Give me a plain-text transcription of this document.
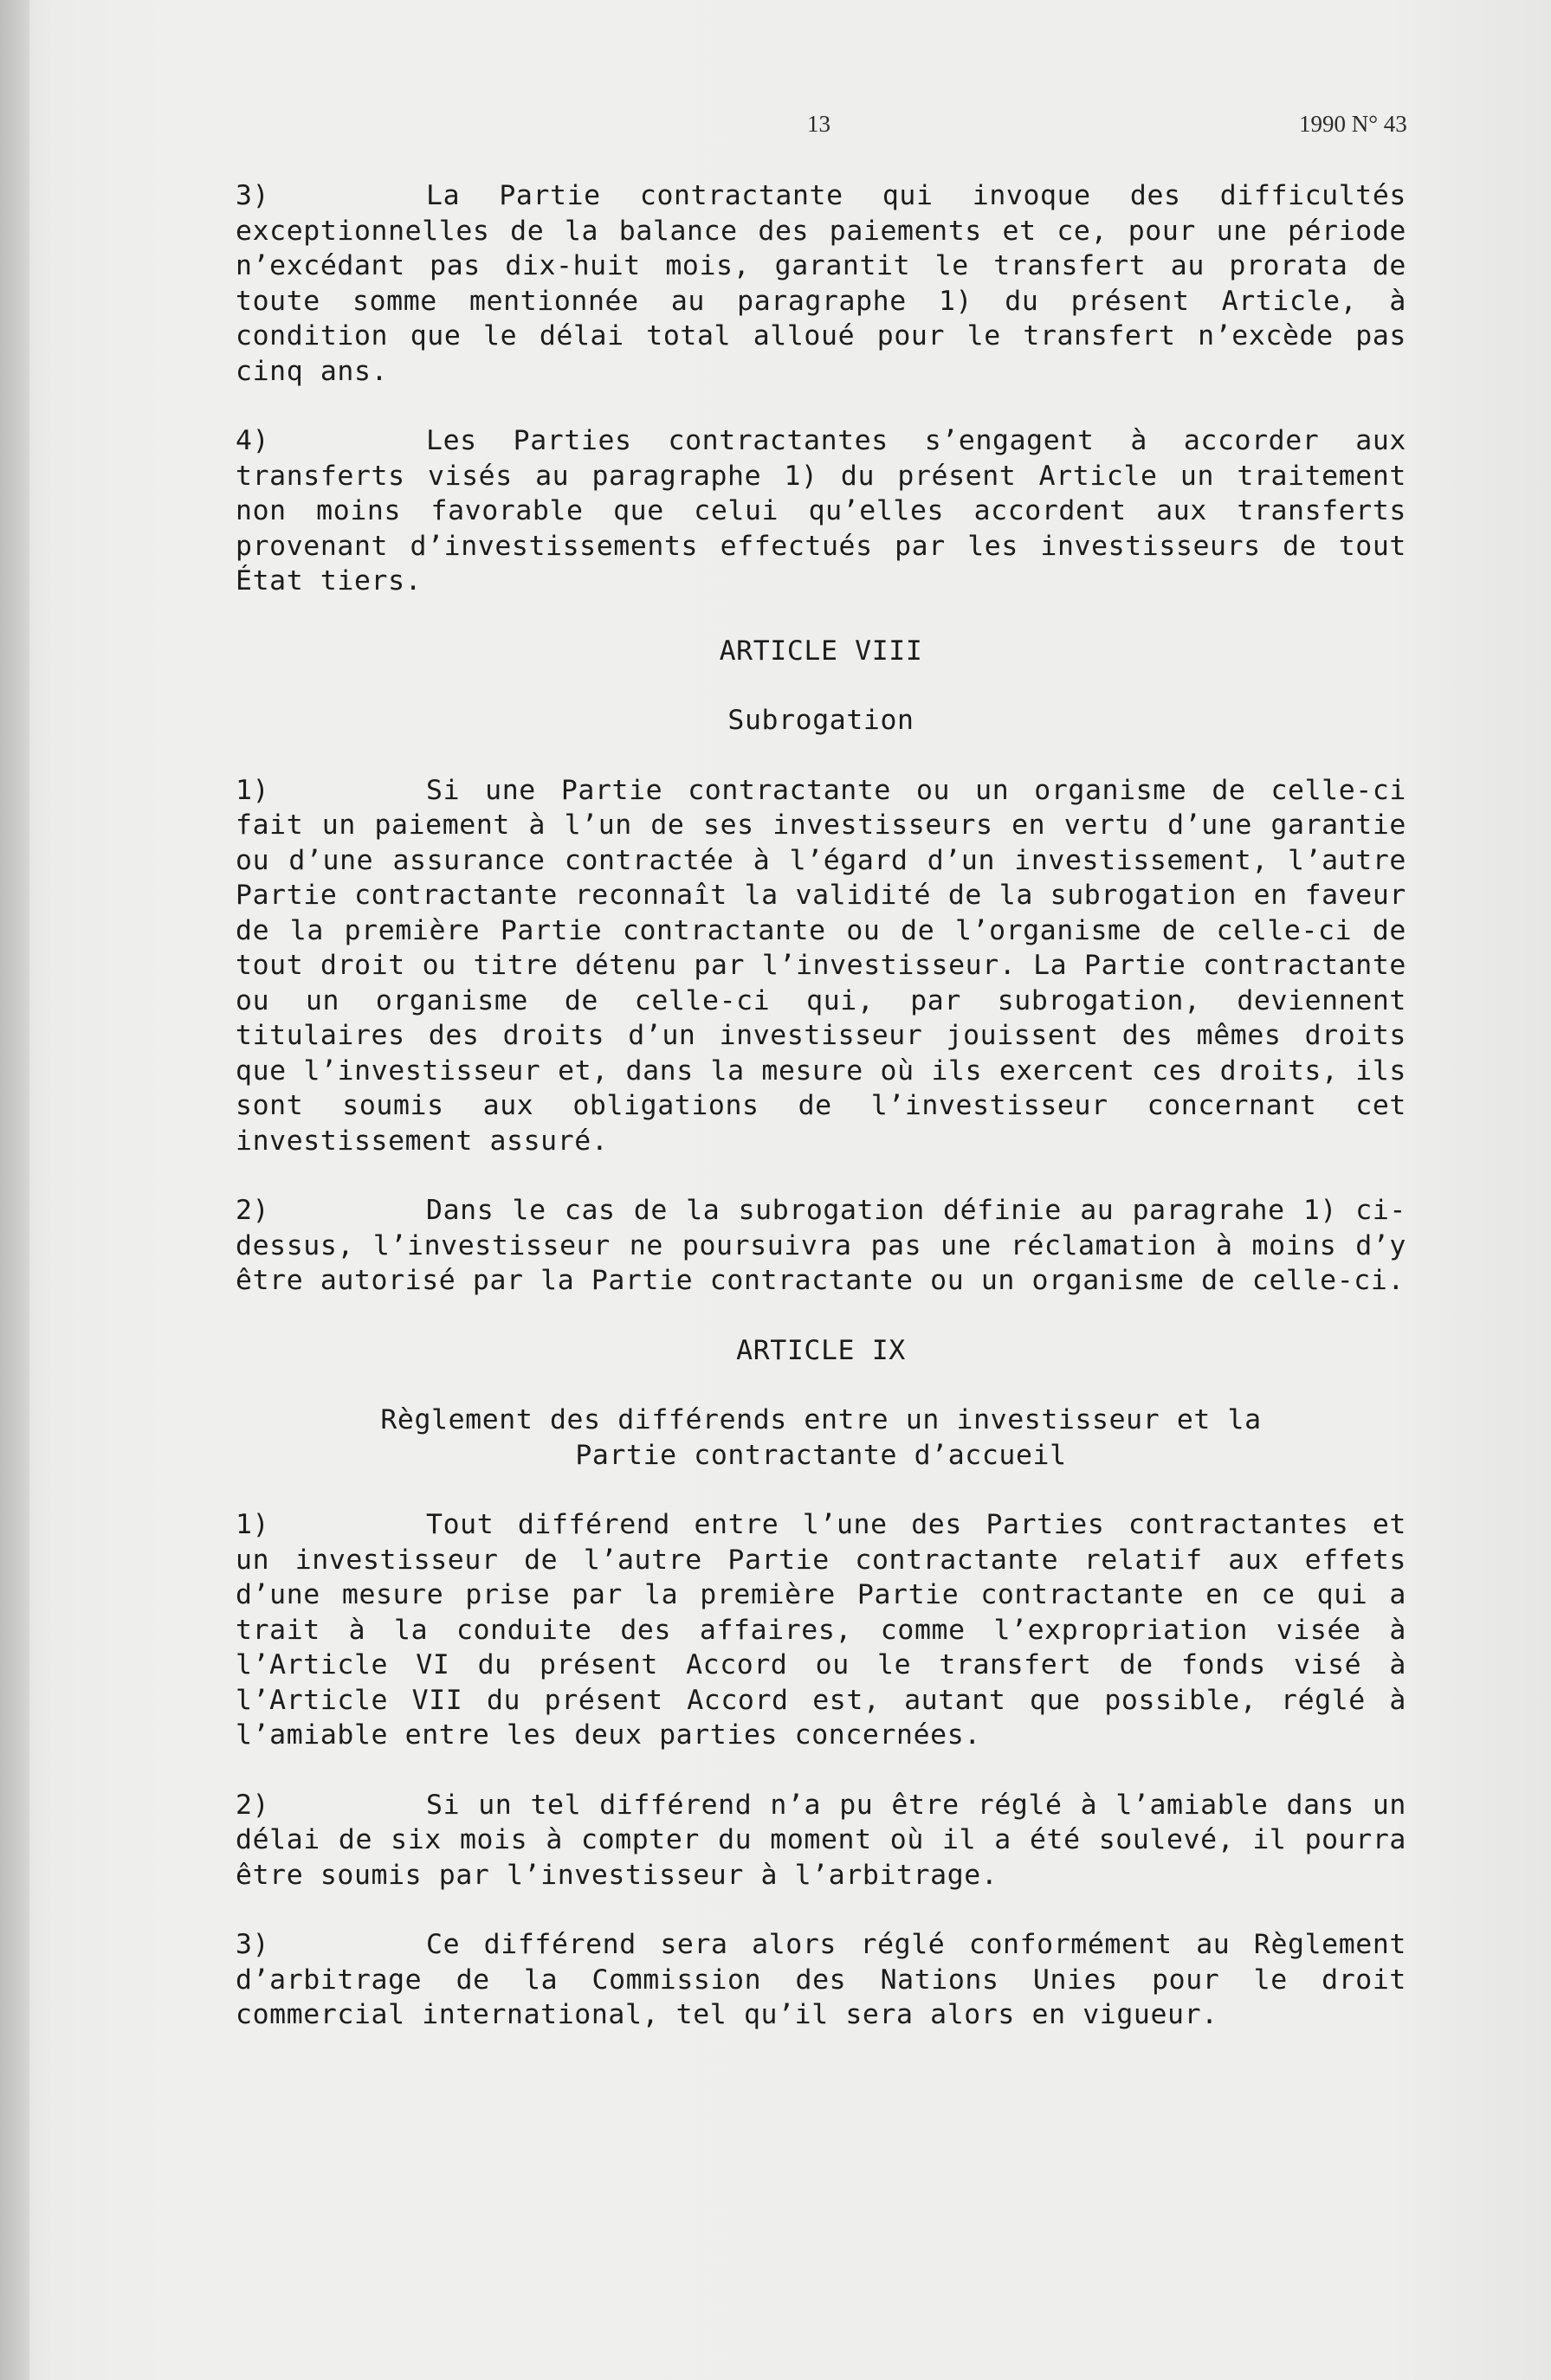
13	1990 N° 43

3)	La Partie contractante qui invoque des difficultés exceptionnelles de la balance des paiements et ce, pour une période n’excédant pas dix-huit mois, garantit le transfert au prorata de toute somme mentionnée au paragraphe 1) du présent Article, à condition que le délai total alloué pour le transfert n’excède pas cinq ans.

4)	Les Parties contractantes s’engagent à accorder aux transferts visés au paragraphe 1) du présent Article un traitement non moins favorable que celui qu’elles accordent aux transferts provenant d’investissements effectués par les investisseurs de tout État tiers.

ARTICLE VIII
Subrogation

1)	Si une Partie contractante ou un organisme de celle-ci fait un paiement à l’un de ses investisseurs en vertu d’une garantie ou d’une assurance contractée à l’égard d’un investissement, l’autre Partie contractante reconnaît la validité de la subrogation en faveur de la première Partie contractante ou de l’organisme de celle-ci de tout droit ou titre détenu par l’investisseur. La Partie contractante ou un organisme de celle-ci qui, par subrogation, deviennent titulaires des droits d’un investisseur jouissent des mêmes droits que l’investisseur et, dans la mesure où ils exercent ces droits, ils sont soumis aux obligations de l’investisseur concernant cet investissement assuré.

2)	Dans le cas de la subrogation définie au paragrahe 1) ci-dessus, l’investisseur ne poursuivra pas une réclamation à moins d’y être autorisé par la Partie contractante ou un organisme de celle-ci.

ARTICLE IX
Règlement des différends entre un investisseur et la
Partie contractante d’accueil

1)	Tout différend entre l’une des Parties contractantes et un investisseur de l’autre Partie contractante relatif aux effets d’une mesure prise par la première Partie contractante en ce qui a trait à la conduite des affaires, comme l’expropriation visée à l’Article VI du présent Accord ou le transfert de fonds visé à l’Article VII du présent Accord est, autant que possible, réglé à l’amiable entre les deux parties concernées.

2)	Si un tel différend n’a pu être réglé à l’amiable dans un délai de six mois à compter du moment où il a été soulevé, il pourra être soumis par l’investisseur à l’arbitrage.

3)	Ce différend sera alors réglé conformément au Règlement d’arbitrage de la Commission des Nations Unies pour le droit commercial international, tel qu’il sera alors en vigueur.
